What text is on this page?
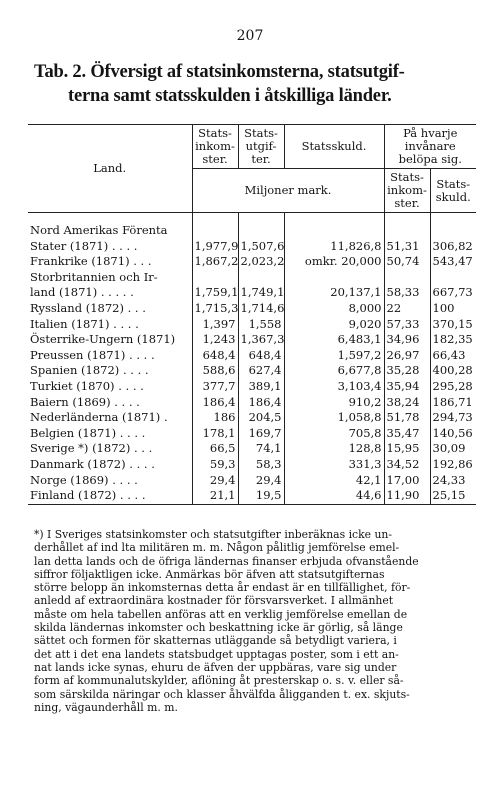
207
Tab. 2. Öfversigt af statsinkomsterna, statsutgif-
terna samt statsskulden i åtskilliga länder.
Land.	Stats-
inkom-
ster.	Stats-
utgif-
ter.	Statsskuld.	På hvarje
invånare
belöpa sig.	
	Miljoner mark.			Stats-
inkom-
ster.	Stats-
skuld.

Nord Amerikas Förenta					
Stater (1871) . . . .	1,977,9	1,507,6	11,826,8	51,31	306,82
Frankrike (1871) . . .	1,867,2	2,023,2	omkr. 20,000	50,74	543,47
Storbritannien och Ir-					
land (1871) . . . . .	1,759,1	1,749,1	20,137,1	58,33	667,73
Ryssland (1872) . . .	1,715,3	1,714,6	8,000	22	100
Italien (1871) . . . .	1,397	1,558	9,020	57,33	370,15
Österrike-Ungern (1871)	1,243	1,367,3	6,483,1	34,96	182,35
Preussen (1871) . . . .	648,4	648,4	1,597,2	26,97	66,43
Spanien (1872) . . . .	588,6	627,4	6,677,8	35,28	400,28
Turkiet (1870) . . . .	377,7	389,1	3,103,4	35,94	295,28
Baiern (1869) . . . .	186,4	186,4	910,2	38,24	186,71
Nederländerna (1871) .	186	204,5	1,058,8	51,78	294,73
Belgien (1871) . . . .	178,1	169,7	705,8	35,47	140,56
Sverige *) (1872) . . .	66,5	74,1	128,8	15,95	30,09
Danmark (1872) . . . .	59,3	58,3	331,3	34,52	192,86
Norge (1869) . . . .	29,4	29,4	42,1	17,00	24,33
Finland (1872) . . . .	21,1	19,5	44,6	11,90	25,15
*) I Sveriges statsinkomster och statsutgifter inberäknas icke un-
derhållet af ind lta militären m. m. Någon pålitlig jemförelse emel-
lan detta lands och de öfriga ländernas finanser erbjuda ofvanstående
siffror följaktligen icke. Anmärkas bör äfven att statsutgifternas
större belopp än inkomsternas detta år endast är en tillfällighet, för-
anledd af extraordinära kostnader för försvarsverket. I allmänhet
måste om hela tabellen anföras att en verklig jemförelse emellan de
skilda ländernas inkomster och beskattning icke är görlig, så länge
sättet och formen för skatternas utläggande så betydligt variera, i
det att i det ena landets statsbudget upptagas poster, som i ett an-
nat lands icke synas, ehuru de äfven der uppbäras, vare sig under
form af kommunalutskylder, aflöning åt presterskap o. s. v. eller så-
som särskilda näringar och klasser åhvälfda åligganden t. ex. skjuts-
ning, vägaunderhåll m. m.
